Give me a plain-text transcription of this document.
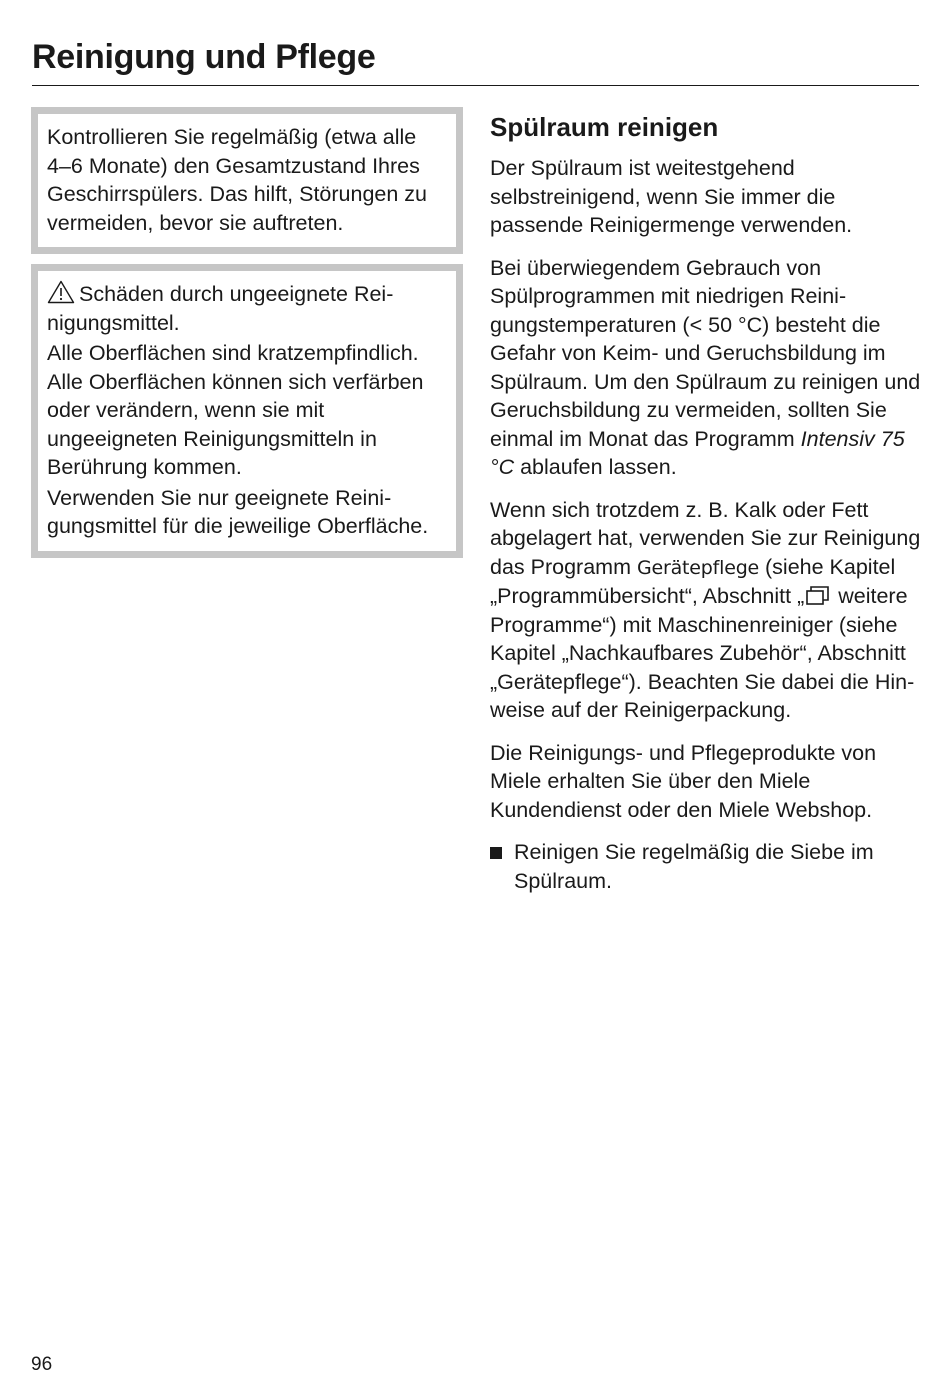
Reinigung und Pflege

Kontrollieren Sie regelmäßig (etwa alle 4–6 Monate) den Gesamtzustand Ihres Geschirrspülers. Das hilft, Störungen zu vermeiden, bevor sie auftreten.

Schäden durch ungeeignete Reinigungsmittel.

Alle Oberflächen sind kratzempfindlich. Alle Oberflächen können sich verfärben oder verändern, wenn sie mit ungeeigneten Reinigungsmitteln in Berührung kommen.

Verwenden Sie nur geeignete Reinigungsmittel für die jeweilige Oberfläche.

Spülraum reinigen

Der Spülraum ist weitestgehend selbstreinigend, wenn Sie immer die passende Reinigermenge verwenden.

Bei überwiegendem Gebrauch von Spülprogrammen mit niedrigen Reinigungstemperaturen (< 50 °C) besteht die Gefahr von Keim- und Geruchsbildung im Spülraum. Um den Spülraum zu reinigen und Geruchsbildung zu vermeiden, sollten Sie einmal im Monat das Programm Intensiv 75 °C ablaufen lassen.

Wenn sich trotzdem z. B. Kalk oder Fett abgelagert hat, verwenden Sie zur Reinigung das Programm Gerätepflege (siehe Kapitel „Programmübersicht“, Abschnitt „ weitere Programme“) mit Maschinenreiniger (siehe Kapitel „Nachkaufbares Zubehör“, Abschnitt „Gerätepflege“). Beachten Sie dabei die Hinweise auf der Reinigerpackung.

Die Reinigungs- und Pflegeprodukte von Miele erhalten Sie über den Miele Kundendienst oder den Miele Webshop.

Reinigen Sie regelmäßig die Siebe im Spülraum.
96
